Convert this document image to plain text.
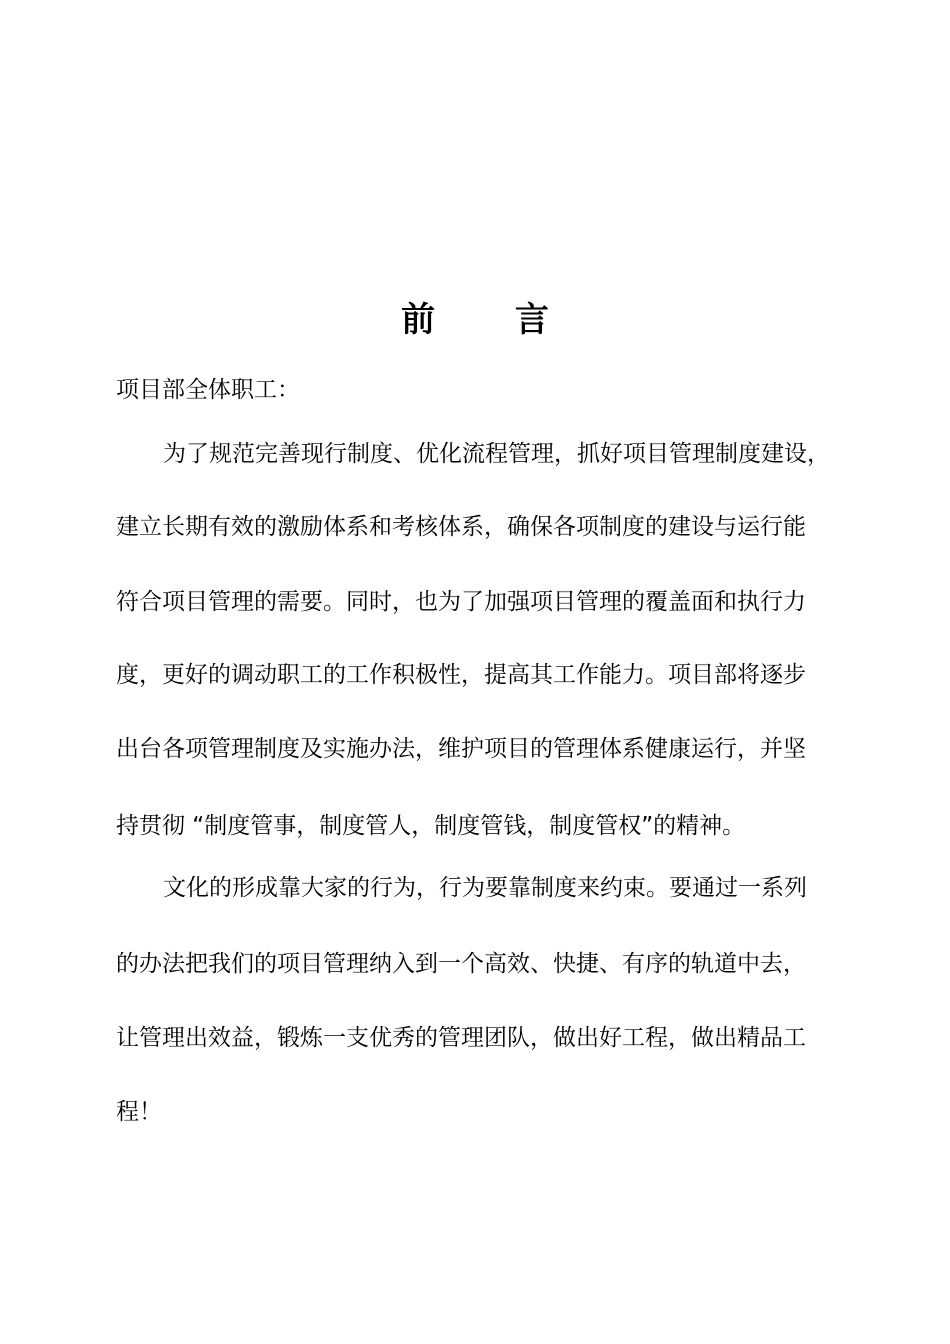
前 言
项目部全体职工：
为了规范完善现行制度、优化流程管理，抓好项目管理制度建设，
建立长期有效的激励体系和考核体系，确保各项制度的建设与运行能
符合项目管理的需要。同时，也为了加强项目管理的覆盖面和执行力
度，更好的调动职工的工作积极性，提高其工作能力。项目部将逐步
出台各项管理制度及实施办法，维护项目的管理体系健康运行，并坚
持贯彻 “制度管事，制度管人，制度管钱，制度管权”的精神。
文化的形成靠大家的行为，行为要靠制度来约束。要通过一系列
的办法把我们的项目管理纳入到一个高效、快捷、有序的轨道中去，
让管理出效益，锻炼一支优秀的管理团队，做出好工程，做出精品工
程！
